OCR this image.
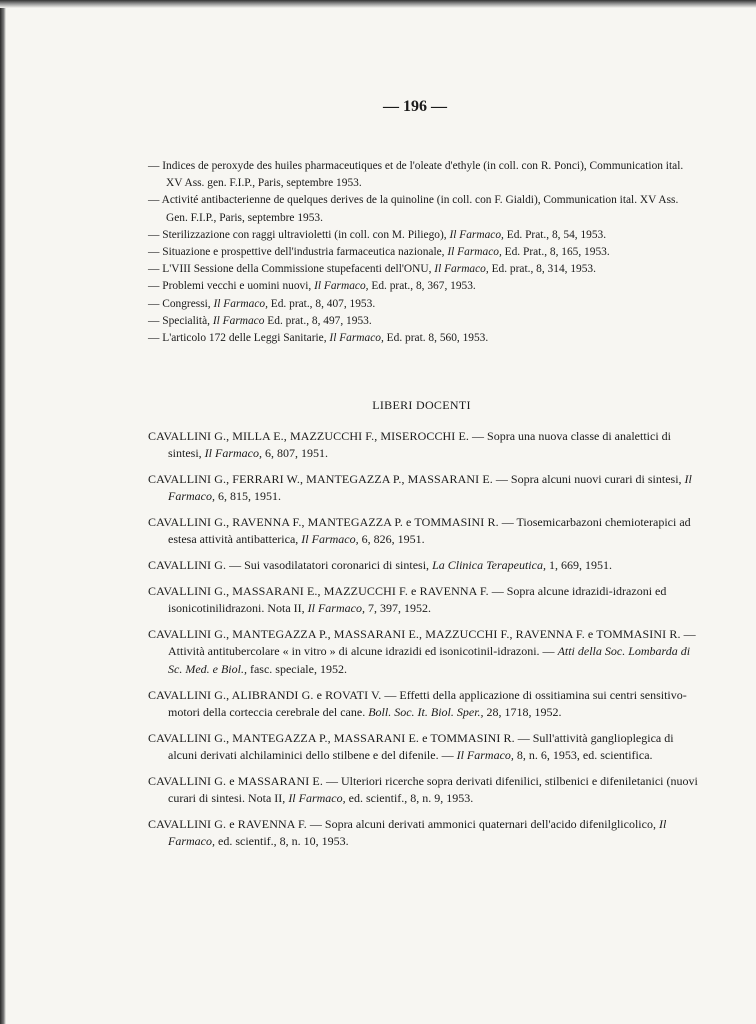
— 196 —
— Indices de peroxyde des huiles pharmaceutiques et de l'oleate d'ethyle (in coll. con R. Ponci), Communication ital. XV Ass. gen. F.I.P., Paris, septembre 1953.
— Activité antibacterienne de quelques derives de la quinoline (in coll. con F. Gialdi), Communication ital. XV Ass. Gen. F.I.P., Paris, septembre 1953.
— Sterilizzazione con raggi ultravioletti (in coll. con M. Piliego), Il Farmaco, Ed. Prat., 8, 54, 1953.
— Situazione e prospettive dell'industria farmaceutica nazionale, Il Farmaco, Ed. Prat., 8, 165, 1953.
— L'VIII Sessione della Commissione stupefacenti dell'ONU, Il Farmaco, Ed. prat., 8, 314, 1953.
— Problemi vecchi e uomini nuovi, Il Farmaco, Ed. prat., 8, 367, 1953.
— Congressi, Il Farmaco, Ed. prat., 8, 407, 1953.
— Specialità, Il Farmaco Ed. prat., 8, 497, 1953.
— L'articolo 172 delle Leggi Sanitarie, Il Farmaco, Ed. prat. 8, 560, 1953.
LIBERI DOCENTI
CAVALLINI G., MILLA E., MAZZUCCHI F., MISEROCCHI E. — Sopra una nuova classe di analettici di sintesi, Il Farmaco, 6, 807, 1951.
CAVALLINI G., FERRARI W., MANTEGAZZA P., MASSARANI E. — Sopra alcuni nuovi curari di sintesi, Il Farmaco, 6, 815, 1951.
CAVALLINI G., RAVENNA F., MANTEGAZZA P. e TOMMASINI R. — Tiosemicarbazoni chemioterapici ad estesa attività antibatterica, Il Farmaco, 6, 826, 1951.
CAVALLINI G. — Sui vasodilatatori coronarici di sintesi, La Clinica Terapeutica, 1, 669, 1951.
CAVALLINI G., MASSARANI E., MAZZUCCHI F. e RAVENNA F. — Sopra alcune idrazidi-idrazoni ed isonicotinilidrazoni. Nota II, Il Farmaco, 7, 397, 1952.
CAVALLINI G., MANTEGAZZA P., MASSARANI E., MAZZUCCHI F., RAVENNA F. e TOMMASINI R. — Attività antitubercolare « in vitro » di alcune idrazidi ed isonicotinil-idrazoni. — Atti della Soc. Lombarda di Sc. Med. e Biol., fasc. speciale, 1952.
CAVALLINI G., ALIBRANDI G. e ROVATI V. — Effetti della applicazione di ossitiamina sui centri sensitivo-motori della corteccia cerebrale del cane. Boll. Soc. It. Biol. Sper., 28, 1718, 1952.
CAVALLINI G., MANTEGAZZA P., MASSARANI E. e TOMMASINI R. — Sull'attività ganglioplegica di alcuni derivati alchilaminici dello stilbene e del difenile. — Il Farmaco, 8, n. 6, 1953, ed. scientifica.
CAVALLINI G. e MASSARANI E. — Ulteriori ricerche sopra derivati difenilici, stilbenici e difeniletanici (nuovi curari di sintesi. Nota II, Il Farmaco, ed. scientif., 8, n. 9, 1953.
CAVALLINI G. e RAVENNA F. — Sopra alcuni derivati ammonici quaternari dell'acido difenilglicolico, Il Farmaco, ed. scientif., 8, n. 10, 1953.
